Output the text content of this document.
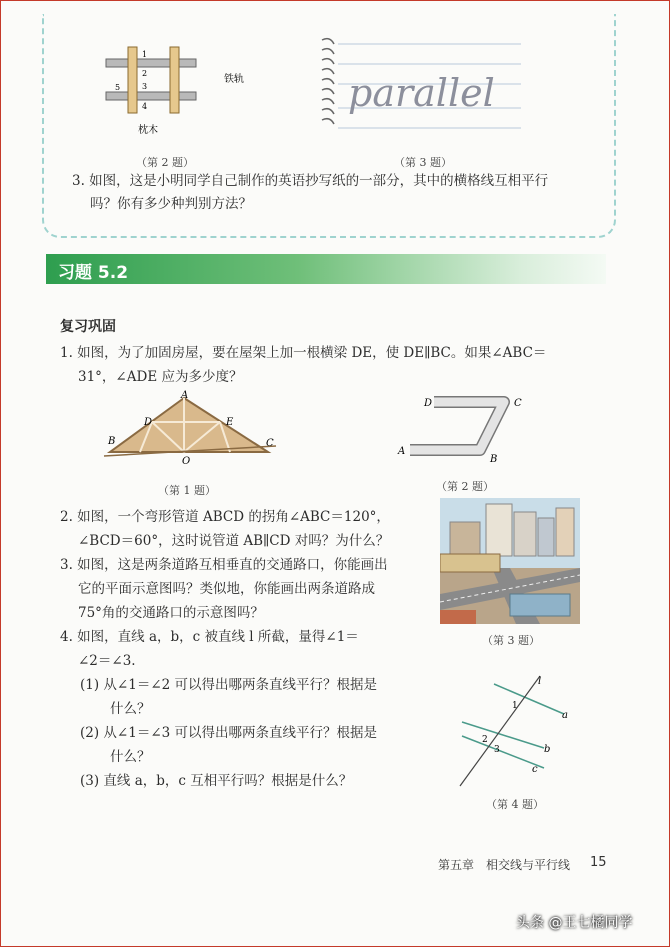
1
2
3
4
5
铁轨
枕木
（第 2 题）
parallel
（第 3 题）
3. 如图，这是小明同学自己制作的英语抄写纸的一部分，其中的横格线互相平行
吗？你有多少种判别方法？
习题 5.2
复习巩固
1. 如图，为了加固房屋，要在屋架上加一根横梁 DE，使 DE∥BC。如果∠ABC＝
31°，∠ADE 应为多少度？
A
D	E
B	C
O
（第 1 题）
D	C
A
B
（第 2 题）
2. 如图，一个弯形管道 ABCD 的拐角∠ABC＝120°，
∠BCD＝60°，这时说管道 AB∥CD 对吗？为什么？
3. 如图，这是两条道路互相垂直的交通路口，你能画出
它的平面示意图吗？类似地，你能画出两条道路成
75°角的交通路口的示意图吗？
（第 3 题）
4. 如图，直线 a，b，c 被直线 l 所截，量得∠1＝
∠2＝∠3.
(1) 从∠1＝∠2 可以得出哪两条直线平行？根据是
什么？
(2) 从∠1＝∠3 可以得出哪两条直线平行？根据是
什么？
(3) 直线 a，b，c 互相平行吗？根据是什么？
l
a
b
c
1
2
3
（第 4 题）
第五章　相交线与平行线 15
头条 @王七橘同学
